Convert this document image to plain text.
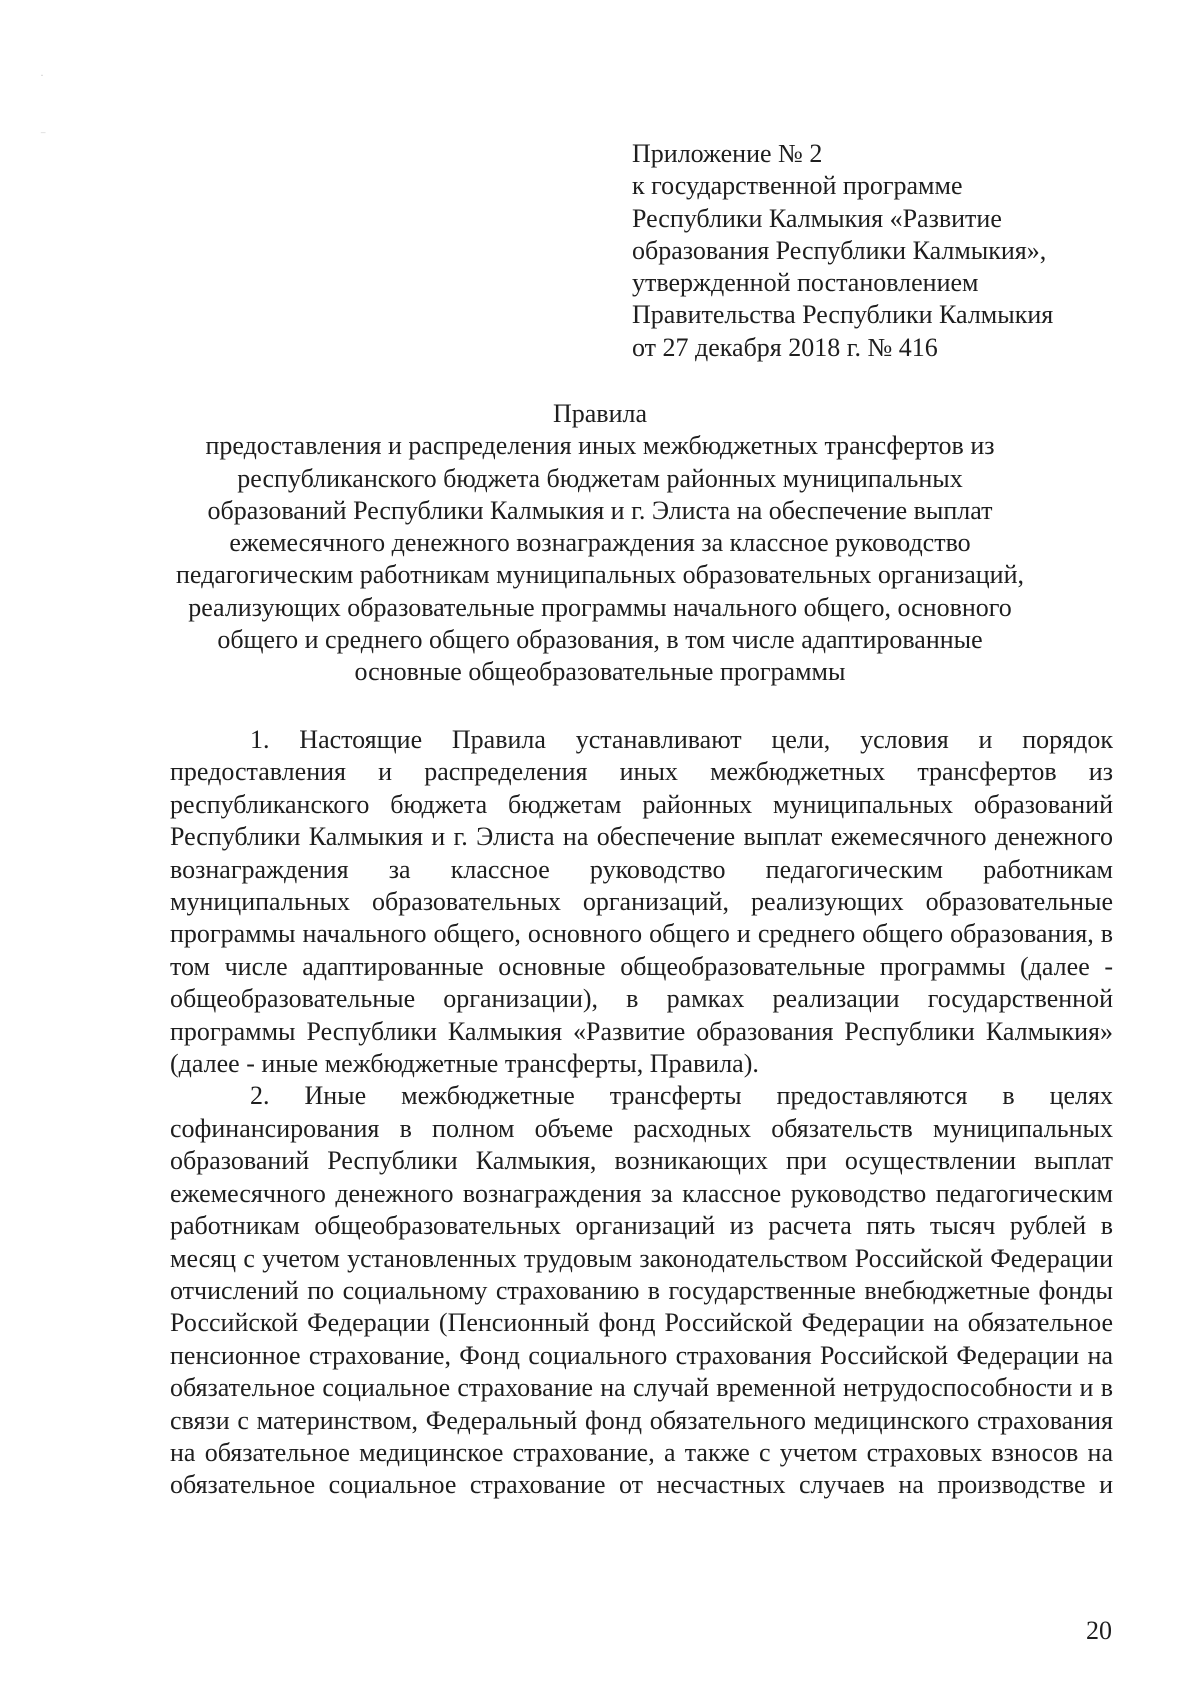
·
⁻
Приложение № 2
к государственной программе
Республики Калмыкия «Развитие
образования Республики Калмыкия»,
утвержденной постановлением
Правительства Республики Калмыкия
от 27 декабря 2018 г. № 416
Правила
предоставления и распределения иных межбюджетных трансфертов из
республиканского бюджета бюджетам районных муниципальных
образований Республики Калмыкия и г. Элиста на обеспечение выплат
ежемесячного денежного вознаграждения за классное руководство
педагогическим работникам муниципальных образовательных организаций,
реализующих образовательные программы начального общего, основного
общего и среднего общего образования, в том числе адаптированные
основные общеобразовательные программы

1. Настоящие Правила устанавливают цели, условия и порядок предоставления и распределения иных межбюджетных трансфертов из республиканского бюджета бюджетам районных муниципальных образований Республики Калмыкия и г. Элиста на обеспечение выплат ежемесячного денежного вознаграждения за классное руководство педагогическим работникам муниципальных образовательных организаций, реализующих образовательные программы начального общего, основного общего и среднего общего образования, в том числе адаптированные основные общеобразовательные программы (далее - общеобразовательные организации), в рамках реализации государственной программы Республики Калмыкия «Развитие образования Республики Калмыкия» (далее - иные межбюджетные трансферты, Правила).

2. Иные межбюджетные трансферты предоставляются в целях софинансирования в полном объеме расходных обязательств муниципальных образований Республики Калмыкия, возникающих при осуществлении выплат ежемесячного денежного вознаграждения за классное руководство педагогическим работникам общеобразовательных организаций из расчета пять тысяч рублей в месяц с учетом установленных трудовым законодательством Российской Федерации отчислений по социальному страхованию в государственные внебюджетные фонды Российской Федерации (Пенсионный фонд Российской Федерации на обязательное пенсионное страхование, Фонд социального страхования Российской Федерации на обязательное социальное страхование на случай временной нетрудоспособности и в связи с материнством, Федеральный фонд обязательного медицинского страхования на обязательное медицинское страхование, а также с учетом страховых взносов на обязательное социальное страхование от несчастных случаев на производстве и

20
